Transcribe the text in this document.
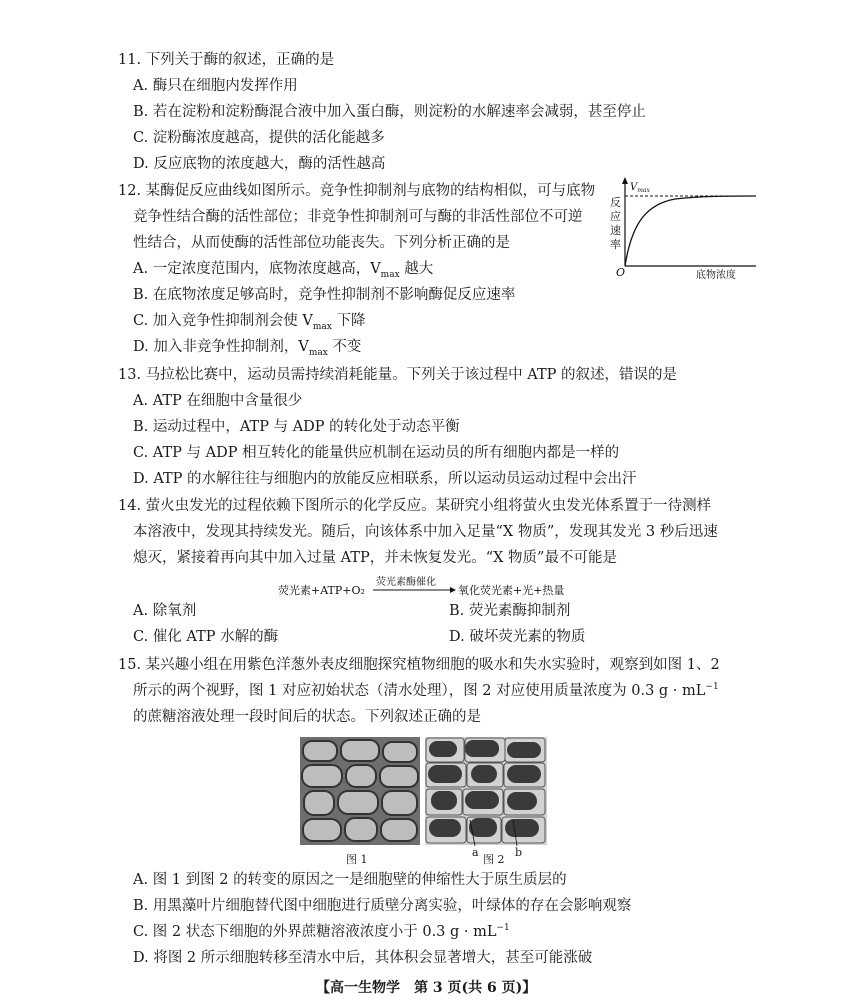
11. 下列关于酶的叙述，正确的是
A. 酶只在细胞内发挥作用
B. 若在淀粉和淀粉酶混合液中加入蛋白酶，则淀粉的水解速率会减弱，甚至停止
C. 淀粉酶浓度越高，提供的活化能越多
D. 反应底物的浓度越大，酶的活性越高
12. 某酶促反应曲线如图所示。竞争性抑制剂与底物的结构相似，可与底物
竞争性结合酶的活性部位；非竞争性抑制剂可与酶的非活性部位不可逆
性结合，从而使酶的活性部位功能丧失。下列分析正确的是
A. 一定浓度范围内，底物浓度越高，$V_{max}$ 越大
B. 在底物浓度足够高时，竞争性抑制剂不影响酶促反应速率
C. 加入竞争性抑制剂会使 $V_{max}$ 下降
D. 加入非竞争性抑制剂，$V_{max}$ 不变
$V_{max}$
反
应
速
率
O	底物浓度
13. 马拉松比赛中，运动员需持续消耗能量。下列关于该过程中 ATP 的叙述，错误的是
A. ATP 在细胞中含量很少
B. 运动过程中，ATP 与 ADP 的转化处于动态平衡
C. ATP 与 ADP 相互转化的能量供应机制在运动员的所有细胞内都是一样的
D. ATP 的水解往往与细胞内的放能反应相联系，所以运动员运动过程中会出汗
14. 萤火虫发光的过程依赖下图所示的化学反应。某研究小组将萤火虫发光体系置于一待测样
本溶液中，发现其持续发光。随后，向该体系中加入足量“X 物质”，发现其发光 3 秒后迅速
熄灭，紧接着再向其中加入过量 ATP，并未恢复发光。“X 物质”最不可能是
荧光素+ATP+O₂
荧光素酶催化
氧化荧光素+光+热量
A. 除氧剂	B. 荧光素酶抑制剂
C. 催化 ATP 水解的酶	D. 破坏荧光素的物质
15. 某兴趣小组在用紫色洋葱外表皮细胞探究植物细胞的吸水和失水实验时，观察到如图 1、2
所示的两个视野，图 1 对应初始状态（清水处理），图 2 对应使用质量浓度为 0.3 $g \cdot mL^{-1}$
的蔗糖溶液处理一段时间后的状态。下列叙述正确的是
a	b
图 1	图 2
A. 图 1 到图 2 的转变的原因之一是细胞壁的伸缩性大于原生质层的
B. 用黑藻叶片细胞替代图中细胞进行质壁分离实验，叶绿体的存在会影响观察
C. 图 2 状态下细胞的外界蔗糖溶液浓度小于 0.3 $g \cdot mL^{-1}$
D. 将图 2 所示细胞转移至清水中后，其体积会显著增大，甚至可能涨破
【高一生物学　第 3 页(共 6 页)】
